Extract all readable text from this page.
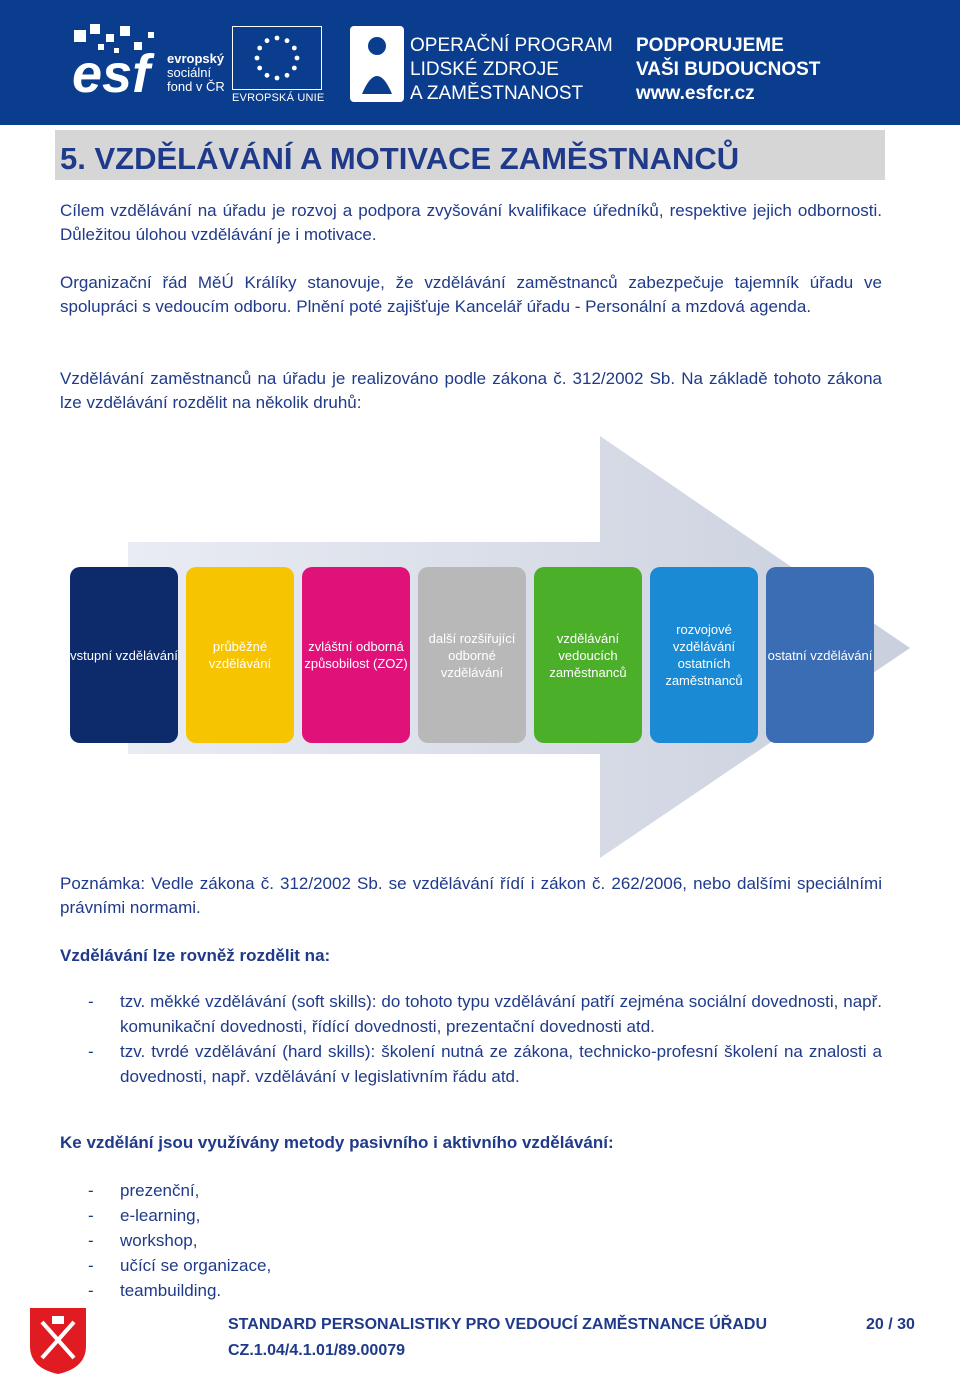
esf evropský
sociální
fond v ČR
EVROPSKÁ UNIE
OPERAČNÍ PROGRAM
LIDSKÉ ZDROJE
A ZAMĚSTNANOST
PODPORUJEME
VAŠI BUDOUCNOST
www.esfcr.cz
5. VZDĚLÁVÁNÍ A MOTIVACE ZAMĚSTNANCŮ
Cílem vzdělávání na úřadu je rozvoj a podpora zvyšování kvalifikace úředníků, respektive jejich odbornosti. Důležitou úlohou vzdělávání je i motivace.
Organizační řád MěÚ Králíky stanovuje, že vzdělávání zaměstnanců zabezpečuje tajemník úřadu ve spolupráci s vedoucím odboru. Plnění poté zajišťuje Kancelář úřadu - Personální a mzdová agenda.
Vzdělávání zaměstnanců na úřadu je realizováno podle zákona č. 312/2002 Sb. Na základě tohoto zákona lze vzdělávání rozdělit na několik druhů:
vstupní vzdělávání
průběžné vzdělávání
zvláštní odborná způsobilost (ZOZ)
další rozšiřující odborné vzdělávání
vzdělávání vedoucích zaměstnanců
rozvojové vzdělávání ostatních zaměstnanců
ostatní vzdělávání
Poznámka: Vedle zákona č. 312/2002 Sb. se vzdělávání řídí i zákon č. 262/2006, nebo dalšími speciálními právními normami.
Vzdělávání lze rovněž rozdělit na:
- tzv. měkké vzdělávání (soft skills): do tohoto typu vzdělávání patří zejména sociální dovednosti, např. komunikační dovednosti, řídící dovednosti, prezentační dovednosti atd.
- tzv. tvrdé vzdělávání (hard skills): školení nutná ze zákona, technicko-profesní školení na znalosti a dovednosti, např. vzdělávání v legislativním řádu atd.
Ke vzdělání jsou využívány metody pasivního i aktivního vzdělávání:
- prezenční,
- e-learning,
- workshop,
- učící se organizace,
- teambuilding.
STANDARD PERSONALISTIKY PRO VEDOUCÍ ZAMĚSTNANCE ÚŘADU
CZ.1.04/4.1.01/89.00079
20 / 30
